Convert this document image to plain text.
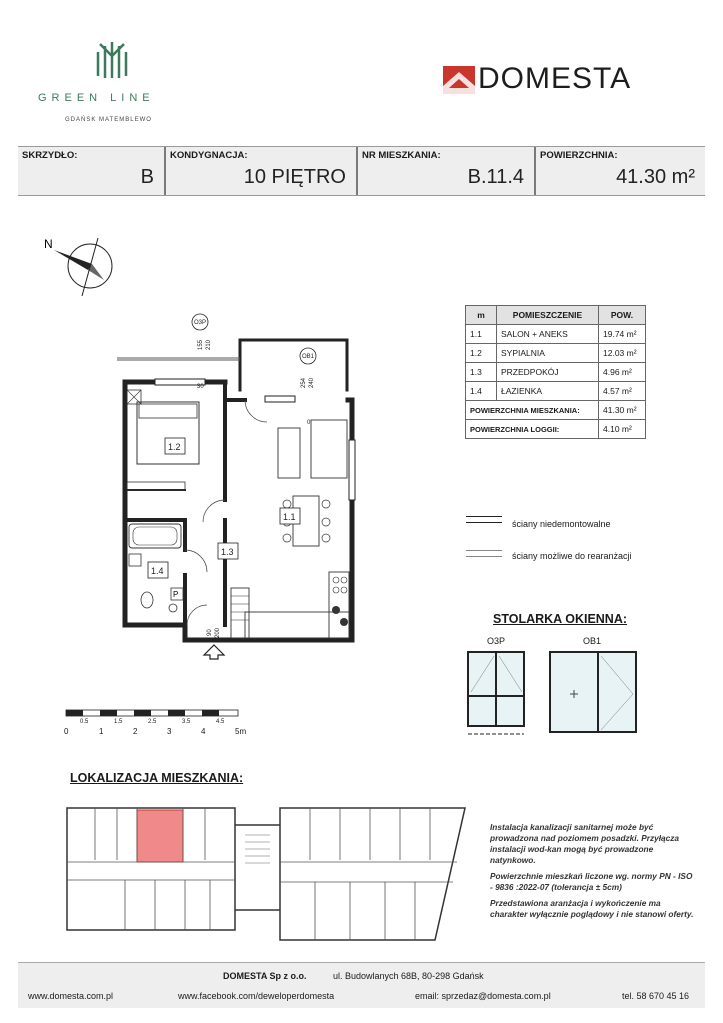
GREEN LINE
GDAŃSK MATEMBLEWO
DOMESTA
SKRZYDŁO:
B
KONDYGNACJA:
10 PIĘTRO
NR MIESZKANIA:
B.11.4
POWIERZCHNIA:
41.30 m²
N
P
1.2
1.1
1.3
1.4
O3P
OB1
155 210
254 240
30
0
90 200
0	1	2	3	4	5m
0.5	1.5	2.5	3.5	4.5
m	POMIESZCZENIE	POW.
1.1	SALON + ANEKS	19.74 m²
1.2	SYPIALNIA	12.03 m²
1.3	PRZEDPOKÓJ	4.96 m²
1.4	ŁAZIENKA	4.57 m²
POWIERZCHNIA MIESZKANIA:		41.30 m²
POWIERZCHNIA LOGGII:		4.10 m²
ściany niedemontowalne
ściany możliwe do rearanżacji
STOLARKA OKIENNA:
O3P	OB1
LOKALIZACJA MIESZKANIA:

Instalacja kanalizacji sanitarnej może być prowadzona nad poziomem posadzki. Przyłącza instalacji wod-kan mogą być prowadzone natynkowo.

Powierzchnie mieszkań liczone wg. normy PN - ISO - 9836 :2022-07 (tolerancja ± 5cm)

Przedstawiona aranżacja i wykończenie ma charakter wyłącznie poglądowy i nie stanowi oferty.

DOMESTA Sp z o.o.	ul. Budowlanych 68B, 80-298 Gdańsk
www.domesta.com.pl	www.facebook.com/deweloperdomesta	email: sprzedaz@domesta.com.pl	tel. 58 670 45 16
